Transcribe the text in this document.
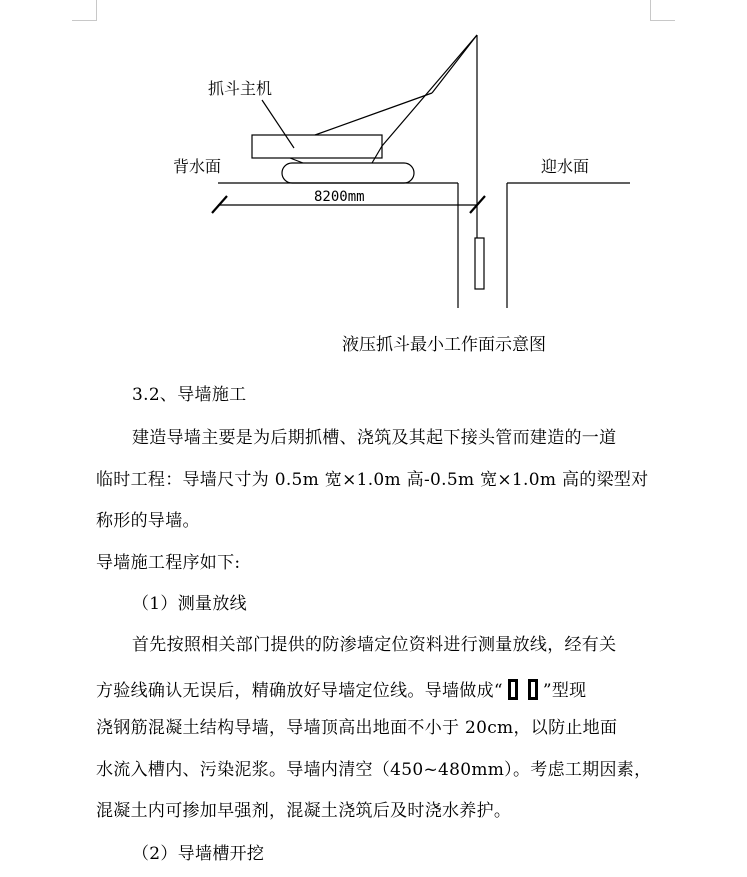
抓斗主机
背水面	迎水面
8200mm
液压抓斗最小工作面示意图
3.2、导墙施工
建造导墙主要是为后期抓槽、浇筑及其起下接头管而建造的一道
临时工程：导墙尺寸为 0.5m 宽×1.0m 高-0.5m 宽×1.0m 高的梁型对
称形的导墙。
导墙施工程序如下:
（1）测量放线
首先按照相关部门提供的防渗墙定位资料进行测量放线，经有关
方验线确认无误后，精确放好导墙定位线。导墙做成“ ”型现
浇钢筋混凝土结构导墙，导墙顶高出地面不小于 20cm，以防止地面
水流入槽内、污染泥浆。导墙内清空（450~480mm）。考虑工期因素，
混凝土内可掺加早强剂，混凝土浇筑后及时浇水养护。
（2）导墙槽开挖
